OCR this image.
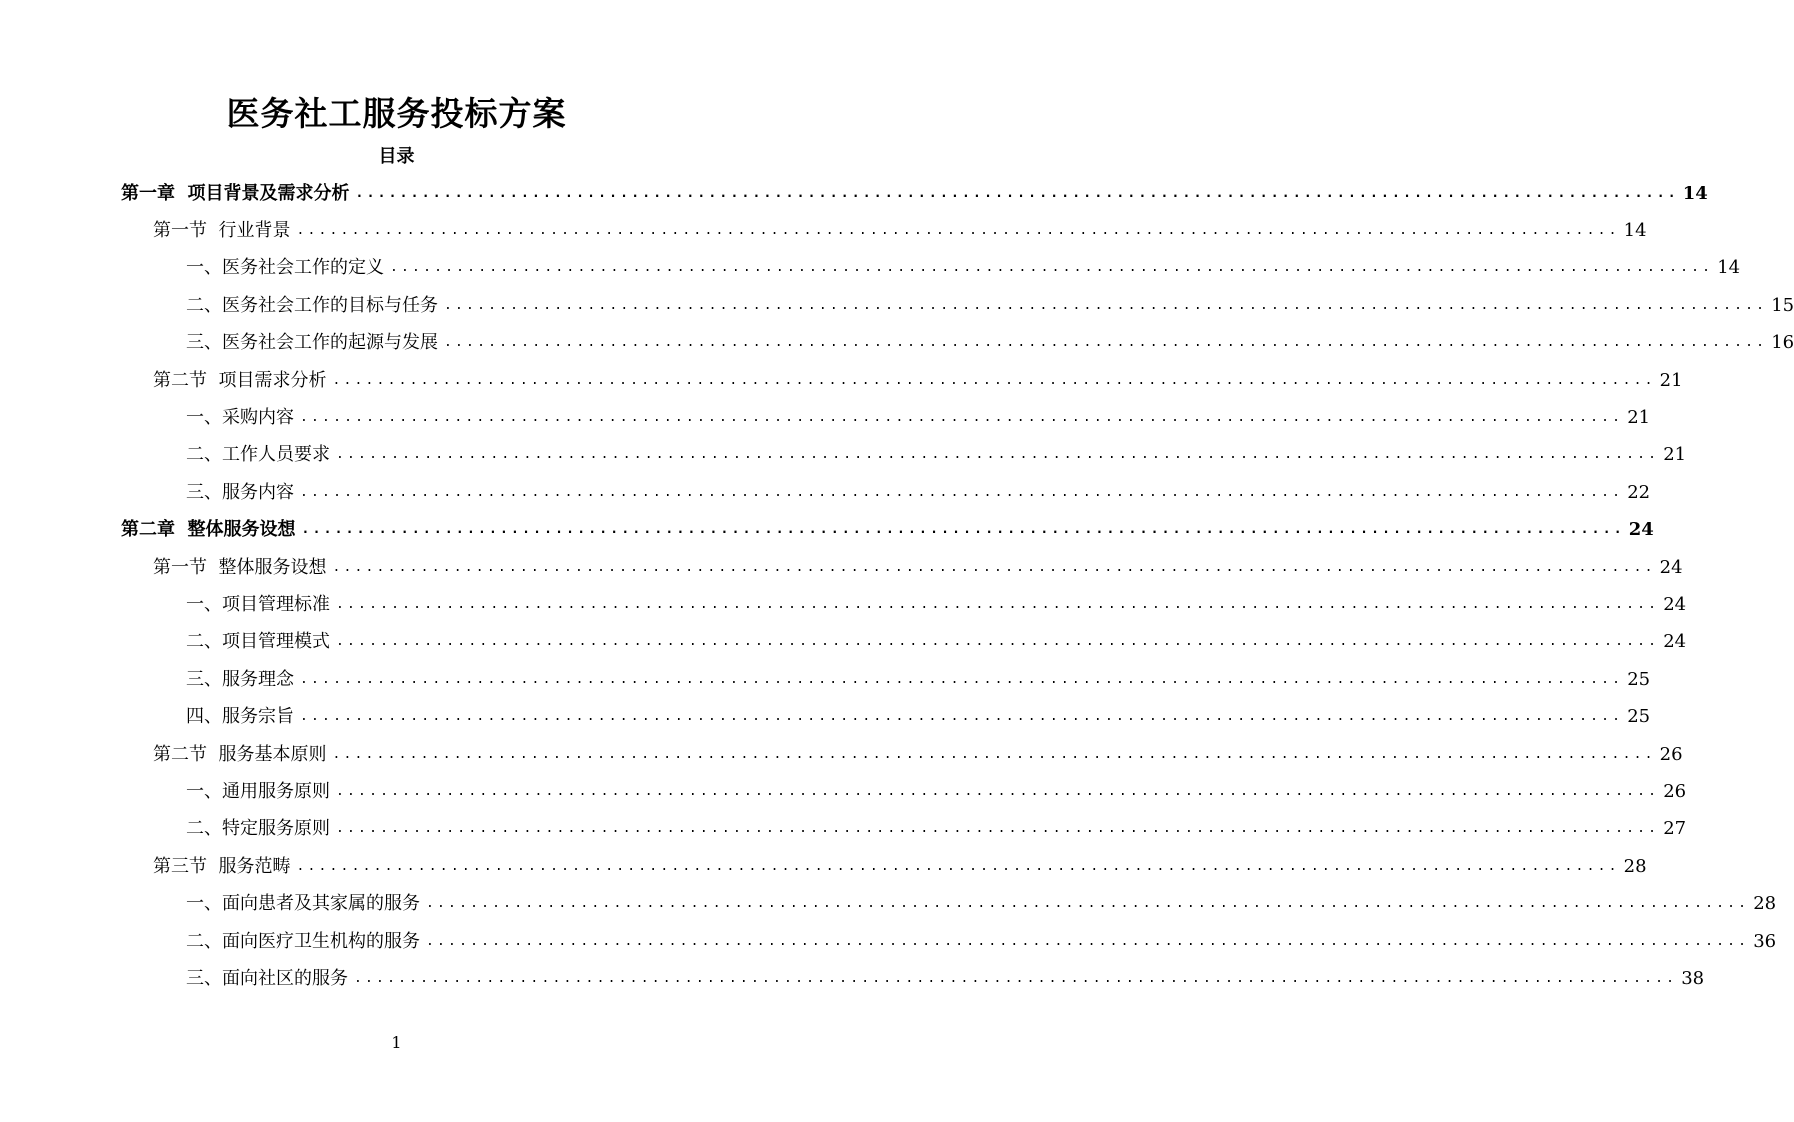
医务社工服务投标方案
目录
第一章 项目背景及需求分析 ........................................................................................................................ 14
第一节 行业背景 ........................................................................................................................ 14
一、 医务社会工作的定义 ........................................................................................................................ 14
二、 医务社会工作的目标与任务 ........................................................................................................................ 15
三、 医务社会工作的起源与发展 ........................................................................................................................ 16
第二节 项目需求分析 ........................................................................................................................ 21
一、 采购内容 ........................................................................................................................ 21
二、 工作人员要求 ........................................................................................................................ 21
三、 服务内容 ........................................................................................................................ 22
第二章 整体服务设想 ........................................................................................................................ 24
第一节 整体服务设想 ........................................................................................................................ 24
一、 项目管理标准 ........................................................................................................................ 24
二、 项目管理模式 ........................................................................................................................ 24
三、 服务理念 ........................................................................................................................ 25
四、 服务宗旨 ........................................................................................................................ 25
第二节 服务基本原则 ........................................................................................................................ 26
一、 通用服务原则 ........................................................................................................................ 26
二、 特定服务原则 ........................................................................................................................ 27
第三节 服务范畴 ........................................................................................................................ 28
一、 面向患者及其家属的服务 ........................................................................................................................ 28
二、 面向医疗卫生机构的服务 ........................................................................................................................ 36
三、 面向社区的服务 ........................................................................................................................ 38
1
